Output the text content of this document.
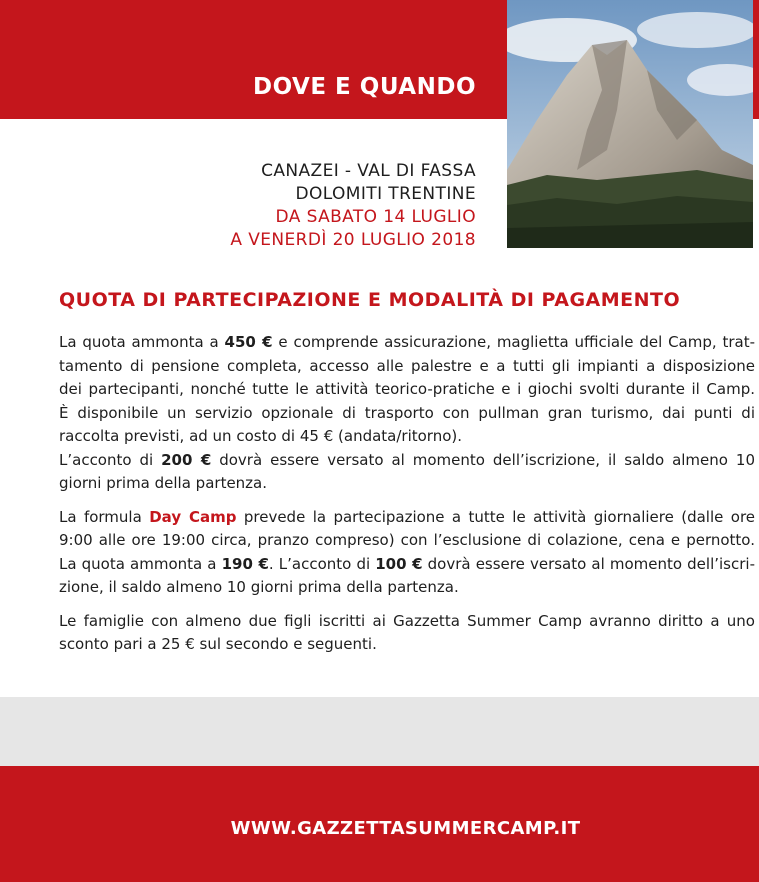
DOVE E QUANDO
CANAZEI - VAL DI FASSA
DOLOMITI TRENTINE
DA SABATO 14 LUGLIO
A VENERDÌ 20 LUGLIO 2018
QUOTA DI PARTECIPAZIONE E MODALITÀ DI PAGAMENTO

La quota ammonta a 450 € e comprende assicurazione, maglietta ufficiale del Camp, trat-
tamento di pensione completa, accesso alle palestre e a tutti gli impianti a disposizione
dei partecipanti, nonché tutte le attività teorico-pratiche e i giochi svolti durante il Camp.
È disponibile un servizio opzionale di trasporto con pullman gran turismo, dai punti di
raccolta previsti, ad un costo di 45 € (andata/ritorno).
L’acconto di 200 € dovrà essere versato al momento dell’iscrizione, il saldo almeno 10
giorni prima della partenza.

La formula Day Camp prevede la partecipazione a tutte le attività giornaliere (dalle ore
9:00 alle ore 19:00 circa, pranzo compreso) con l’esclusione di colazione, cena e pernotto.
La quota ammonta a 190 €. L’acconto di 100 € dovrà essere versato al momento dell’iscri-
zione, il saldo almeno 10 giorni prima della partenza.

Le famiglie con almeno due figli iscritti ai Gazzetta Summer Camp avranno diritto a uno
sconto pari a 25 € sul secondo e seguenti.

WWW.GAZZETTASUMMERCAMP.IT
